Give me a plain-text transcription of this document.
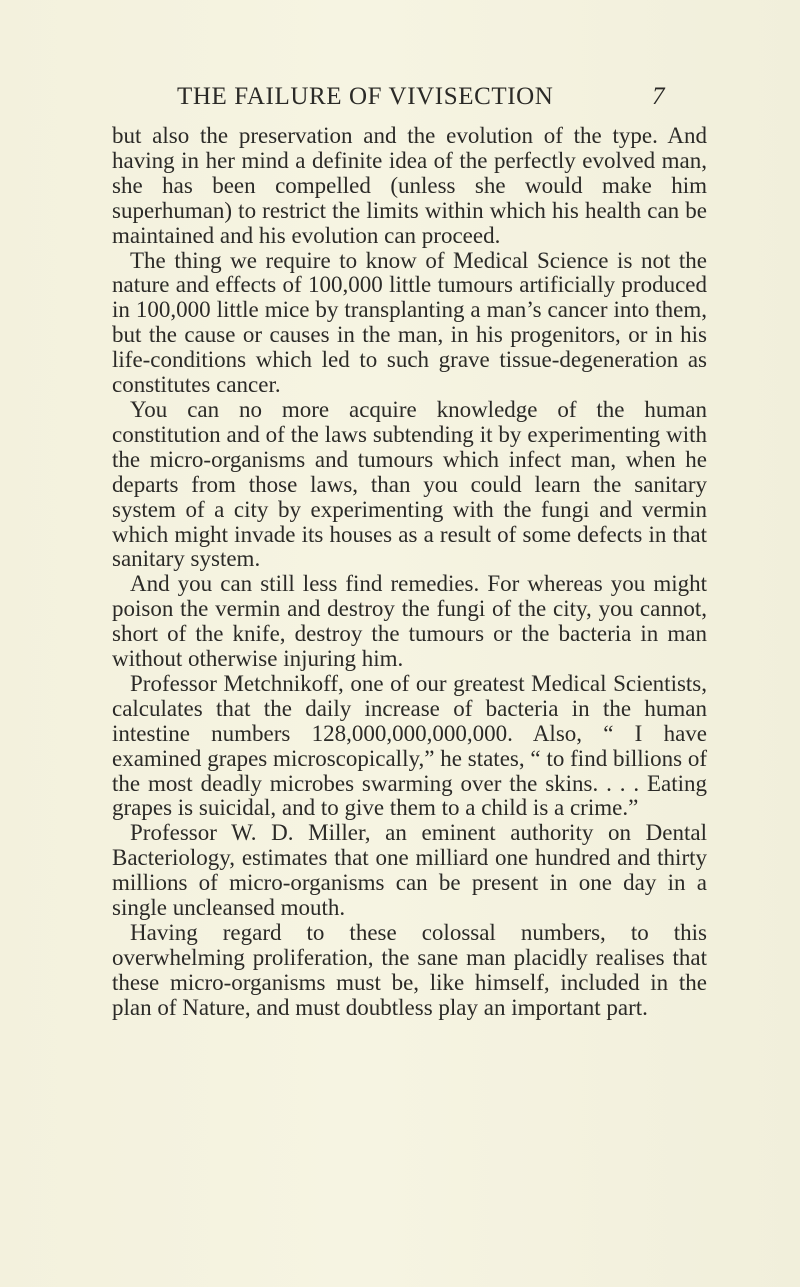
THE FAILURE OF VIVISECTION	7

but also the preservation and the evolution of the type. And having in her mind a definite idea of the perfectly evolved man, she has been compelled (unless she would make him superhuman) to restrict the limits within which his health can be maintained and his evolution can proceed.

The thing we require to know of Medical Science is not the nature and effects of 100,000 little tumours artificially produced in 100,000 little mice by transplanting a man’s cancer into them, but the cause or causes in the man, in his progenitors, or in his life-conditions which led to such grave tissue-degeneration as constitutes cancer.

You can no more acquire knowledge of the human constitution and of the laws subtending it by experimenting with the micro-organisms and tumours which infect man, when he departs from those laws, than you could learn the sanitary system of a city by experimenting with the fungi and vermin which might invade its houses as a result of some defects in that sanitary system.

And you can still less find remedies. For whereas you might poison the vermin and destroy the fungi of the city, you cannot, short of the knife, destroy the tumours or the bacteria in man without otherwise injuring him.

Professor Metchnikoff, one of our greatest Medical Scientists, calculates that the daily increase of bacteria in the human intestine numbers 128,000,000,000,000. Also, “ I have examined grapes microscopically,” he states, “ to find billions of the most deadly microbes swarming over the skins. . . . Eating grapes is suicidal, and to give them to a child is a crime.”

Professor W. D. Miller, an eminent authority on Dental Bacteriology, estimates that one milliard one hundred and thirty millions of micro-organisms can be present in one day in a single uncleansed mouth.

Having regard to these colossal numbers, to this overwhelming proliferation, the sane man placidly realises that these micro-organisms must be, like himself, included in the plan of Nature, and must doubtless play an important part.
